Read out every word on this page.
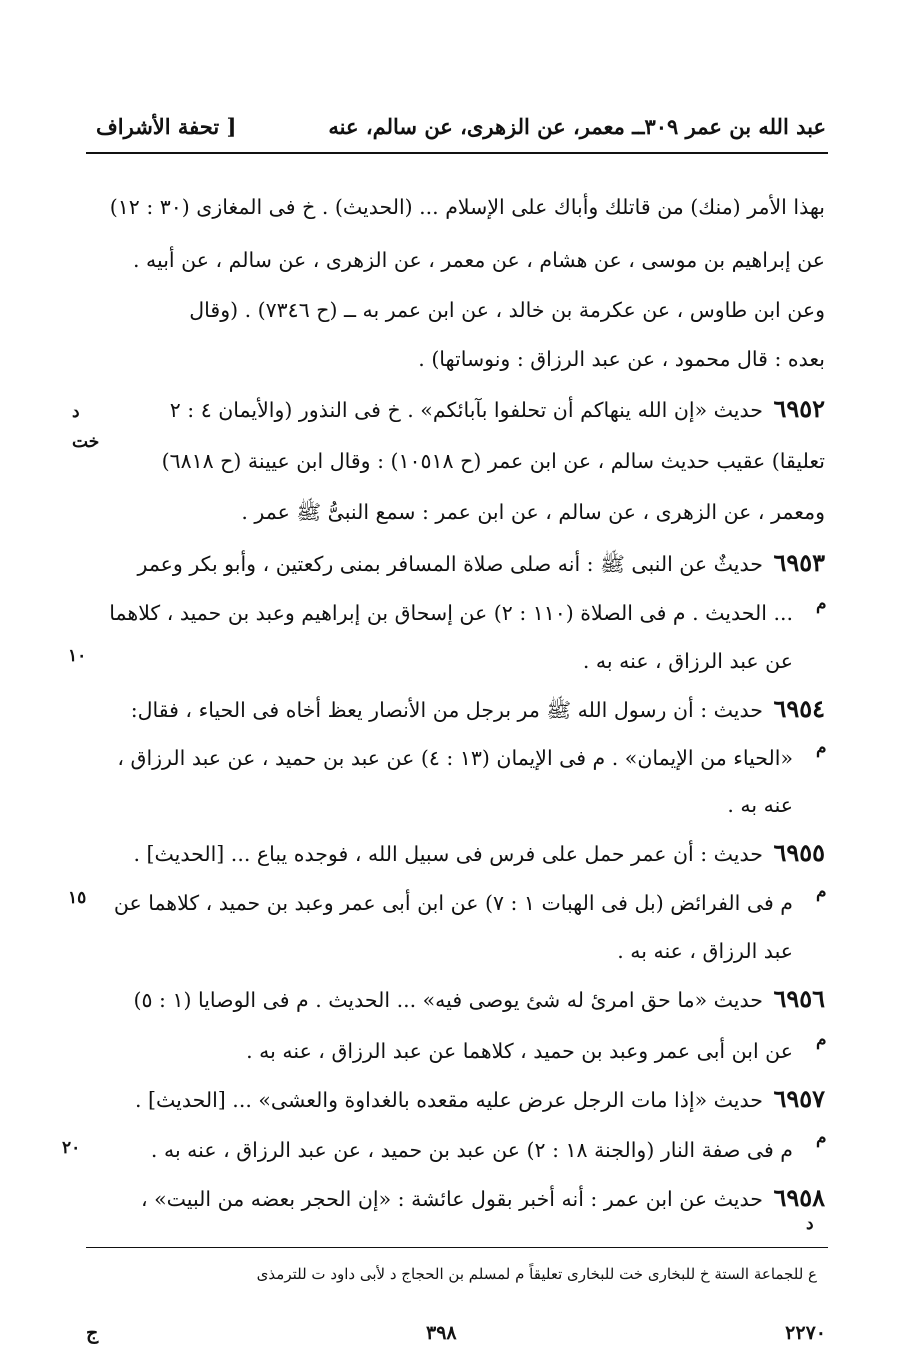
عبد الله بن عمر ٣٠٩ــ معمر، عن الزهرى، عن سالم، عنه
[ تحفة الأشراف
بهذا الأمر (منك) من قاتلك وأباك على الإسلام ... (الحديث) . خ فى المغازى (٣٠ : ١٢)
عن إبراهيم بن موسى ، عن هشام ، عن معمر ، عن الزهرى ، عن سالم ، عن أبيه .
وعن ابن طاوس ، عن عكرمة بن خالد ، عن ابن عمر به ــ (ح ٧٣٤٦) . (وقال
بعده : قال محمود ، عن عبد الرزاق : ونوساتها) .
٦٩٥٢ حديث «إن الله ينهاكم أن تحلفوا بآبائكم» . خ فى النذور (والأيمان ٤ : ٢
تعليقا) عقيب حديث سالم ، عن ابن عمر (ح ١٠٥١٨) : وقال ابن عيينة (ح ٦٨١٨)
ومعمر ، عن الزهرى ، عن سالم ، عن ابن عمر : سمع النبىُّ ﷺ عمر .
٦٩٥٣ حديثٌ عن النبى ﷺ : أنه صلى صلاة المسافر بمنى ركعتين ، وأبو بكر وعمر
... الحديث . م فى الصلاة (١١٠ : ٢) عن إسحاق بن إبراهيم وعبد بن حميد ، كلاهما
عن عبد الرزاق ، عنه به .
٦٩٥٤ حديث : أن رسول الله ﷺ مر برجل من الأنصار يعظ أخاه فى الحياء ، فقال:
«الحياء من الإيمان» . م فى الإيمان (١٣ : ٤) عن عبد بن حميد ، عن عبد الرزاق ،
عنه به .
٦٩٥٥ حديث : أن عمر حمل على فرس فى سبيل الله ، فوجده يباع ... [الحديث] .
م فى الفرائض (بل فى الهبات ١ : ٧) عن ابن أبى عمر وعبد بن حميد ، كلاهما عن
عبد الرزاق ، عنه به .
٦٩٥٦ حديث «ما حق امرئ له شئ يوصى فيه» ... الحديث . م فى الوصايا (١ : ٥)
عن ابن أبى عمر وعبد بن حميد ، كلاهما عن عبد الرزاق ، عنه به .
٦٩٥٧ حديث «إذا مات الرجل عرض عليه مقعده بالغداوة والعشى» ... [الحديث] .
م فى صفة النار (والجنة ١٨ : ٢) عن عبد بن حميد ، عن عبد الرزاق ، عنه به .
٦٩٥٨ حديث عن ابن عمر : أنه أخبر بقول عائشة : «إن الحجر بعضه من البيت» ،
د
خت
م
م
م
م
م
د
١٠
١٥
٢٠
ع للجماعة الستة خ للبخارى خت للبخارى تعليقاً م لمسلم بن الحجاج د لأبى داود ت للترمذى
ج	٣٩٨	٢٢٧٠
